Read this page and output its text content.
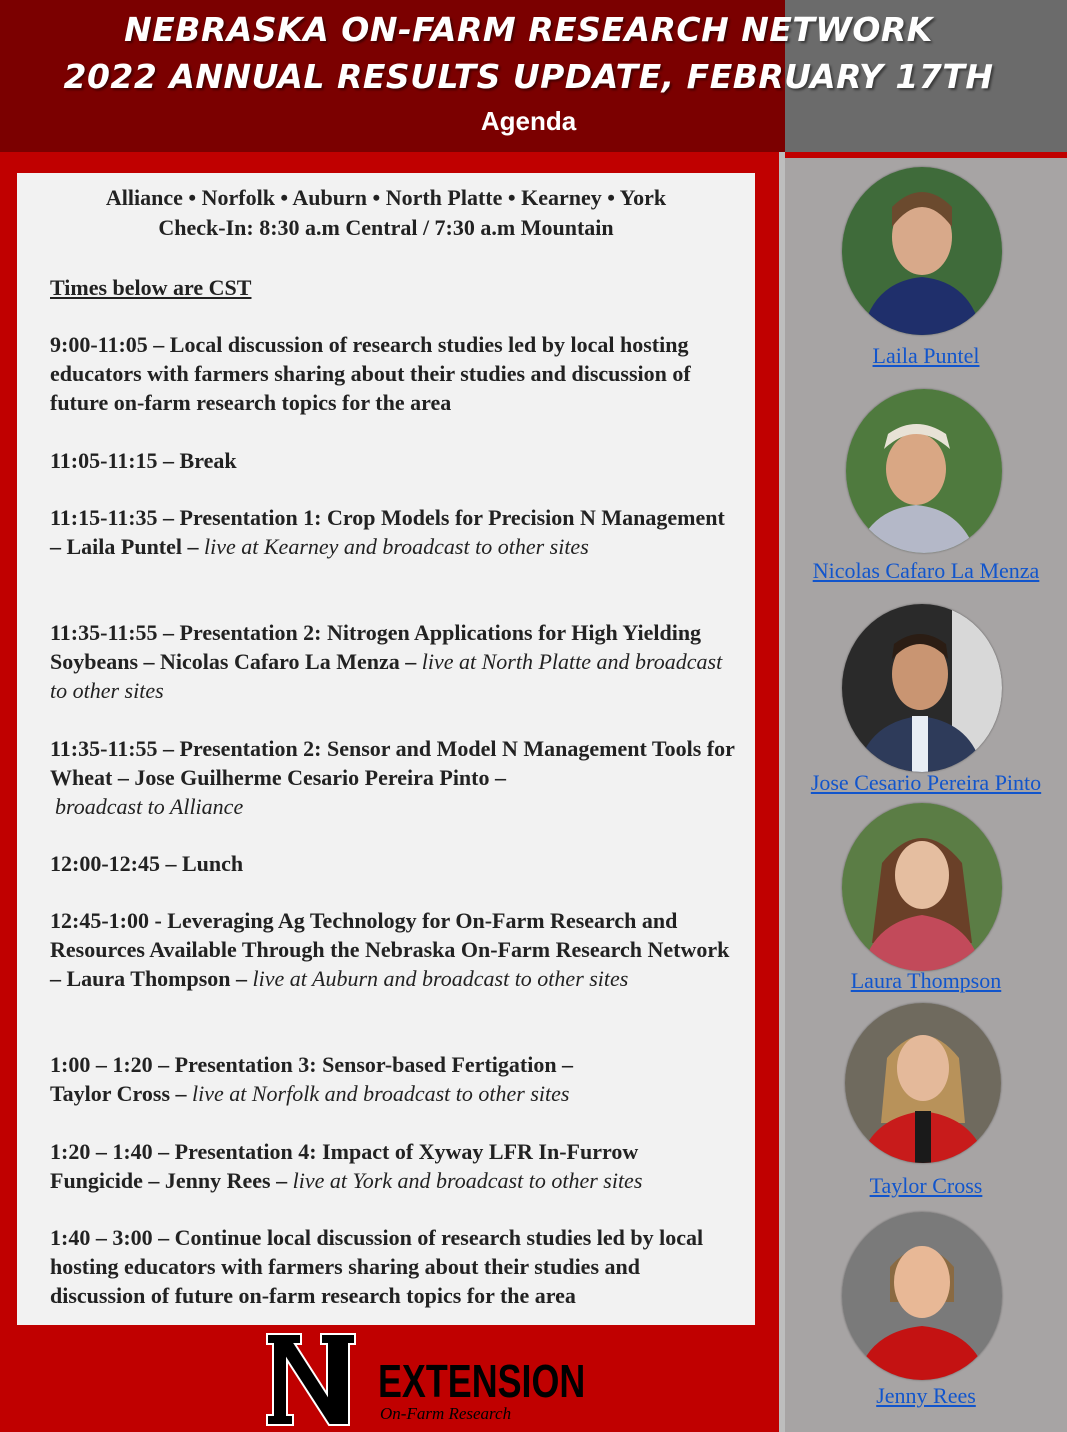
NEBRASKA ON-FARM RESEARCH NETWORK
2022 ANNUAL RESULTS UPDATE, FEBRUARY 17TH
Agenda
Alliance • Norfolk • Auburn • North Platte • Kearney • York
Check-In: 8:30 a.m Central / 7:30 a.m Mountain
Times below are CST
9:00-11:05 – Local discussion of research studies led by local hosting educators with farmers sharing about their studies and discussion of future on-farm research topics for the area
11:05-11:15 – Break
11:15-11:35 – Presentation 1: Crop Models for Precision N Management – Laila Puntel – live at Kearney and broadcast to other sites
11:35-11:55 – Presentation 2: Nitrogen Applications for High Yielding Soybeans – Nicolas Cafaro La Menza – live at North Platte and broadcast to other sites
11:35-11:55 – Presentation 2: Sensor and Model N Management Tools for Wheat – Jose Guilherme Cesario Pereira Pinto –
broadcast to Alliance
12:00-12:45 – Lunch
12:45-1:00 - Leveraging Ag Technology for On-Farm Research and Resources Available Through the Nebraska On-Farm Research Network – Laura Thompson – live at Auburn and broadcast to other sites
1:00 – 1:20 – Presentation 3: Sensor-based Fertigation – Taylor Cross – live at Norfolk and broadcast to other sites
1:20 – 1:40 – Presentation 4: Impact of Xyway LFR In-Furrow Fungicide – Jenny Rees – live at York and broadcast to other sites
1:40 – 3:00 – Continue local discussion of research studies led by local hosting educators with farmers sharing about their studies and discussion of future on-farm research topics for the area
Laila Puntel
Nicolas Cafaro La Menza
Jose Cesario Pereira Pinto
Laura Thompson
Taylor Cross
Jenny Rees
EXTENSION
On-Farm Research
